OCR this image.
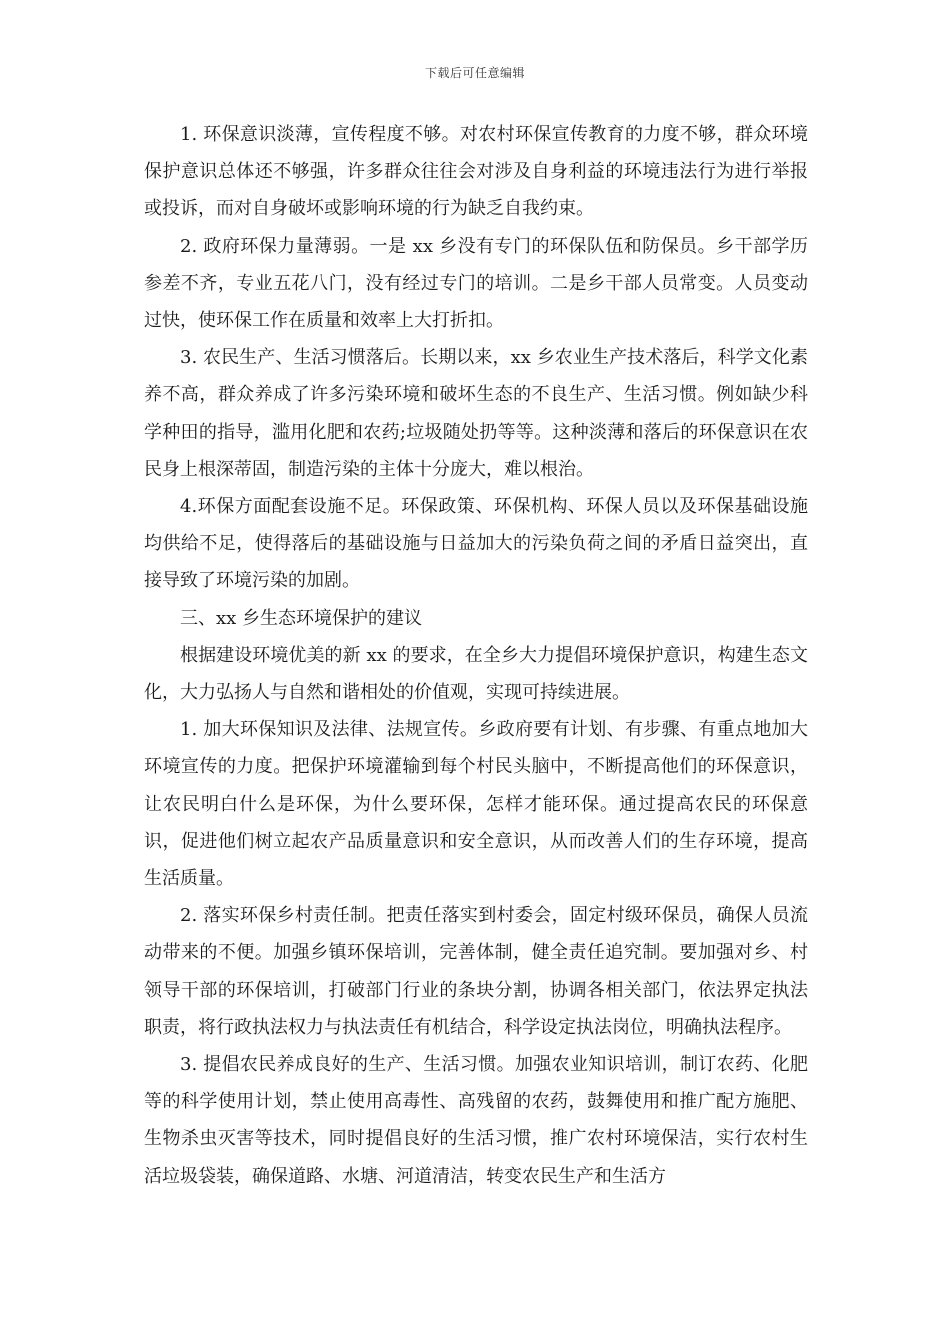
下载后可任意编辑

1. 环保意识淡薄，宣传程度不够。对农村环保宣传教育的力度不够，群众环境保护意识总体还不够强，许多群众往往会对涉及自身利益的环境违法行为进行举报或投诉，而对自身破坏或影响环境的行为缺乏自我约束。

2. 政府环保力量薄弱。一是 xx 乡没有专门的环保队伍和防保员。乡干部学历参差不齐，专业五花八门，没有经过专门的培训。二是乡干部人员常变。人员变动过快，使环保工作在质量和效率上大打折扣。

3. 农民生产、生活习惯落后。长期以来，xx 乡农业生产技术落后，科学文化素养不高，群众养成了许多污染环境和破坏生态的不良生产、生活习惯。例如缺少科学种田的指导，滥用化肥和农药;垃圾随处扔等等。这种淡薄和落后的环保意识在农民身上根深蒂固，制造污染的主体十分庞大，难以根治。

4.环保方面配套设施不足。环保政策、环保机构、环保人员以及环保基础设施均供给不足，使得落后的基础设施与日益加大的污染负荷之间的矛盾日益突出，直接导致了环境污染的加剧。

三、xx 乡生态环境保护的建议

根据建设环境优美的新 xx 的要求，在全乡大力提倡环境保护意识，构建生态文化，大力弘扬人与自然和谐相处的价值观，实现可持续进展。

1. 加大环保知识及法律、法规宣传。乡政府要有计划、有步骤、有重点地加大环境宣传的力度。把保护环境灌输到每个村民头脑中，不断提高他们的环保意识，让农民明白什么是环保，为什么要环保，怎样才能环保。通过提高农民的环保意识，促进他们树立起农产品质量意识和安全意识，从而改善人们的生存环境，提高生活质量。

2. 落实环保乡村责任制。把责任落实到村委会，固定村级环保员，确保人员流动带来的不便。加强乡镇环保培训，完善体制，健全责任追究制。要加强对乡、村领导干部的环保培训，打破部门行业的条块分割，协调各相关部门，依法界定执法职责，将行政执法权力与执法责任有机结合，科学设定执法岗位，明确执法程序。

3. 提倡农民养成良好的生产、生活习惯。加强农业知识培训，制订农药、化肥等的科学使用计划，禁止使用高毒性、高残留的农药，鼓舞使用和推广配方施肥、生物杀虫灭害等技术，同时提倡良好的生活习惯，推广农村环境保洁，实行农村生活垃圾袋装，确保道路、水塘、河道清洁，转变农民生产和生活方
